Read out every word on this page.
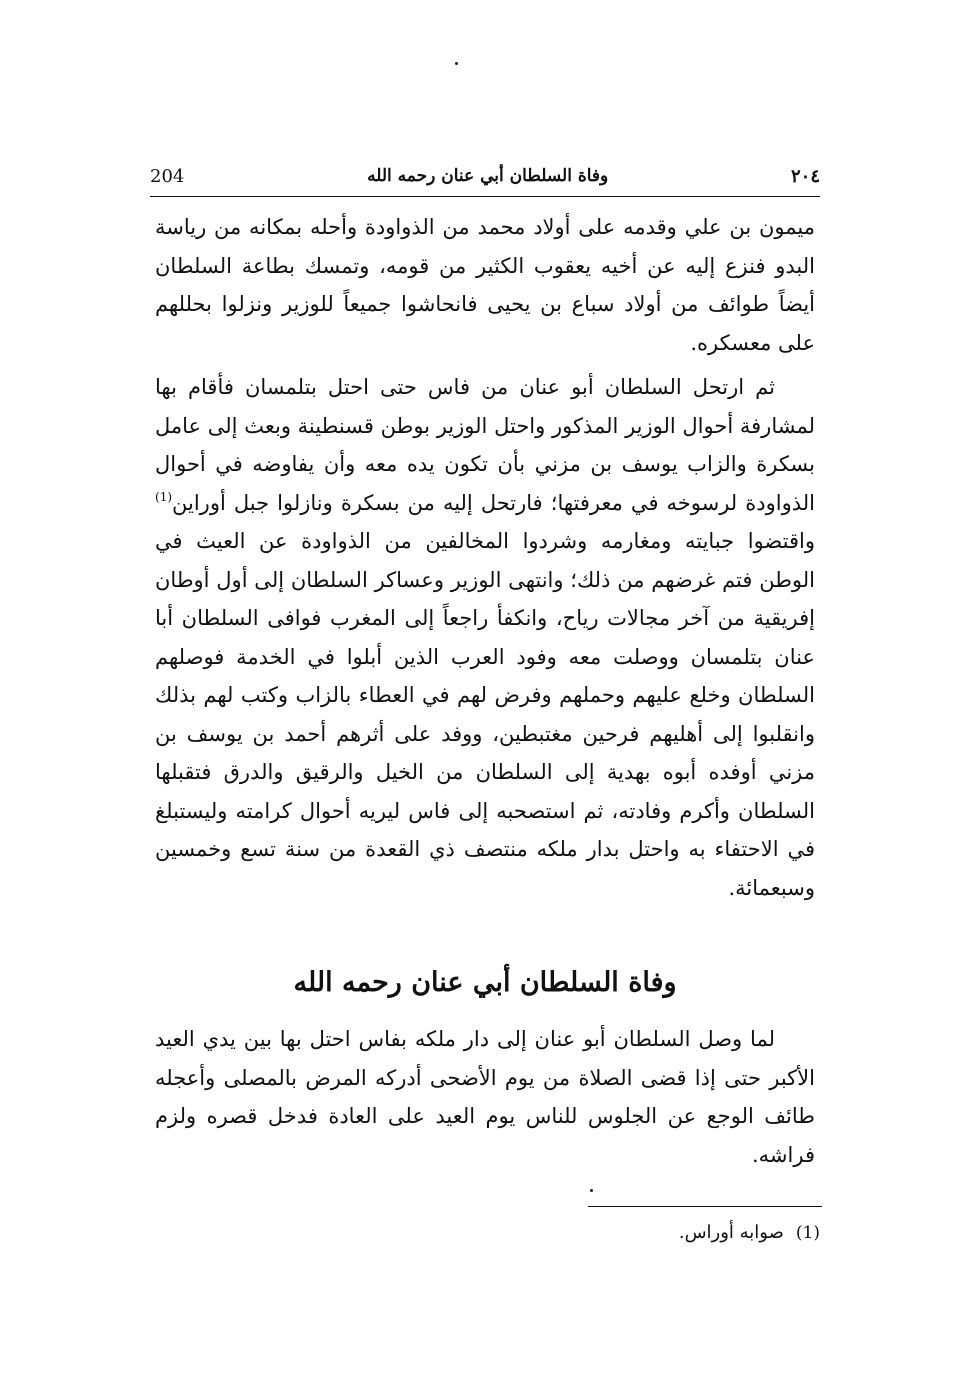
204	وفاة السلطان أبي عنان رحمه الله	٢٠٤

ميمون بن علي وقدمه على أولاد محمد من الذواودة وأحله بمكانه من رياسة البدو فنزع إليه عن أخيه يعقوب الكثير من قومه، وتمسك بطاعة السلطان أيضاً طوائف من أولاد سباع بن يحيى فانحاشوا جميعاً للوزير ونزلوا بحللهم على معسكره.

ثم ارتحل السلطان أبو عنان من فاس حتى احتل بتلمسان فأقام بها لمشارفة أحوال الوزير المذكور واحتل الوزير بوطن قسنطينة وبعث إلى عامل بسكرة والزاب يوسف بن مزني بأن تكون يده معه وأن يفاوضه في أحوال الذواودة لرسوخه في معرفتها؛ فارتحل إليه من بسكرة ونازلوا جبل أوراين$^{(1)}$ واقتضوا جبايته ومغارمه وشردوا المخالفين من الذواودة عن العيث في الوطن فتم غرضهم من ذلك؛ وانتهى الوزير وعساكر السلطان إلى أول أوطان إفريقية من آخر مجالات رياح، وانكفأ راجعاً إلى المغرب فوافى السلطان أبا عنان بتلمسان ووصلت معه وفود العرب الذين أبلوا في الخدمة فوصلهم السلطان وخلع عليهم وحملهم وفرض لهم في العطاء بالزاب وكتب لهم بذلك وانقلبوا إلى أهليهم فرحين مغتبطين، ووفد على أثرهم أحمد بن يوسف بن مزني أوفده أبوه بهدية إلى السلطان من الخيل والرقيق والدرق فتقبلها السلطان وأكرم وفادته، ثم استصحبه إلى فاس ليريه أحوال كرامته وليستبلغ في الاحتفاء به واحتل بدار ملكه منتصف ذي القعدة من سنة تسع وخمسين وسبعمائة.

وفاة السلطان أبي عنان رحمه الله

لما وصل السلطان أبو عنان إلى دار ملكه بفاس احتل بها بين يدي العيد الأكبر حتى إذا قضى الصلاة من يوم الأضحى أدركه المرض بالمصلى وأعجله طائف الوجع عن الجلوس للناس يوم العيد على العادة فدخل قصره ولزم فراشه.

(1)صوابه أوراس.
